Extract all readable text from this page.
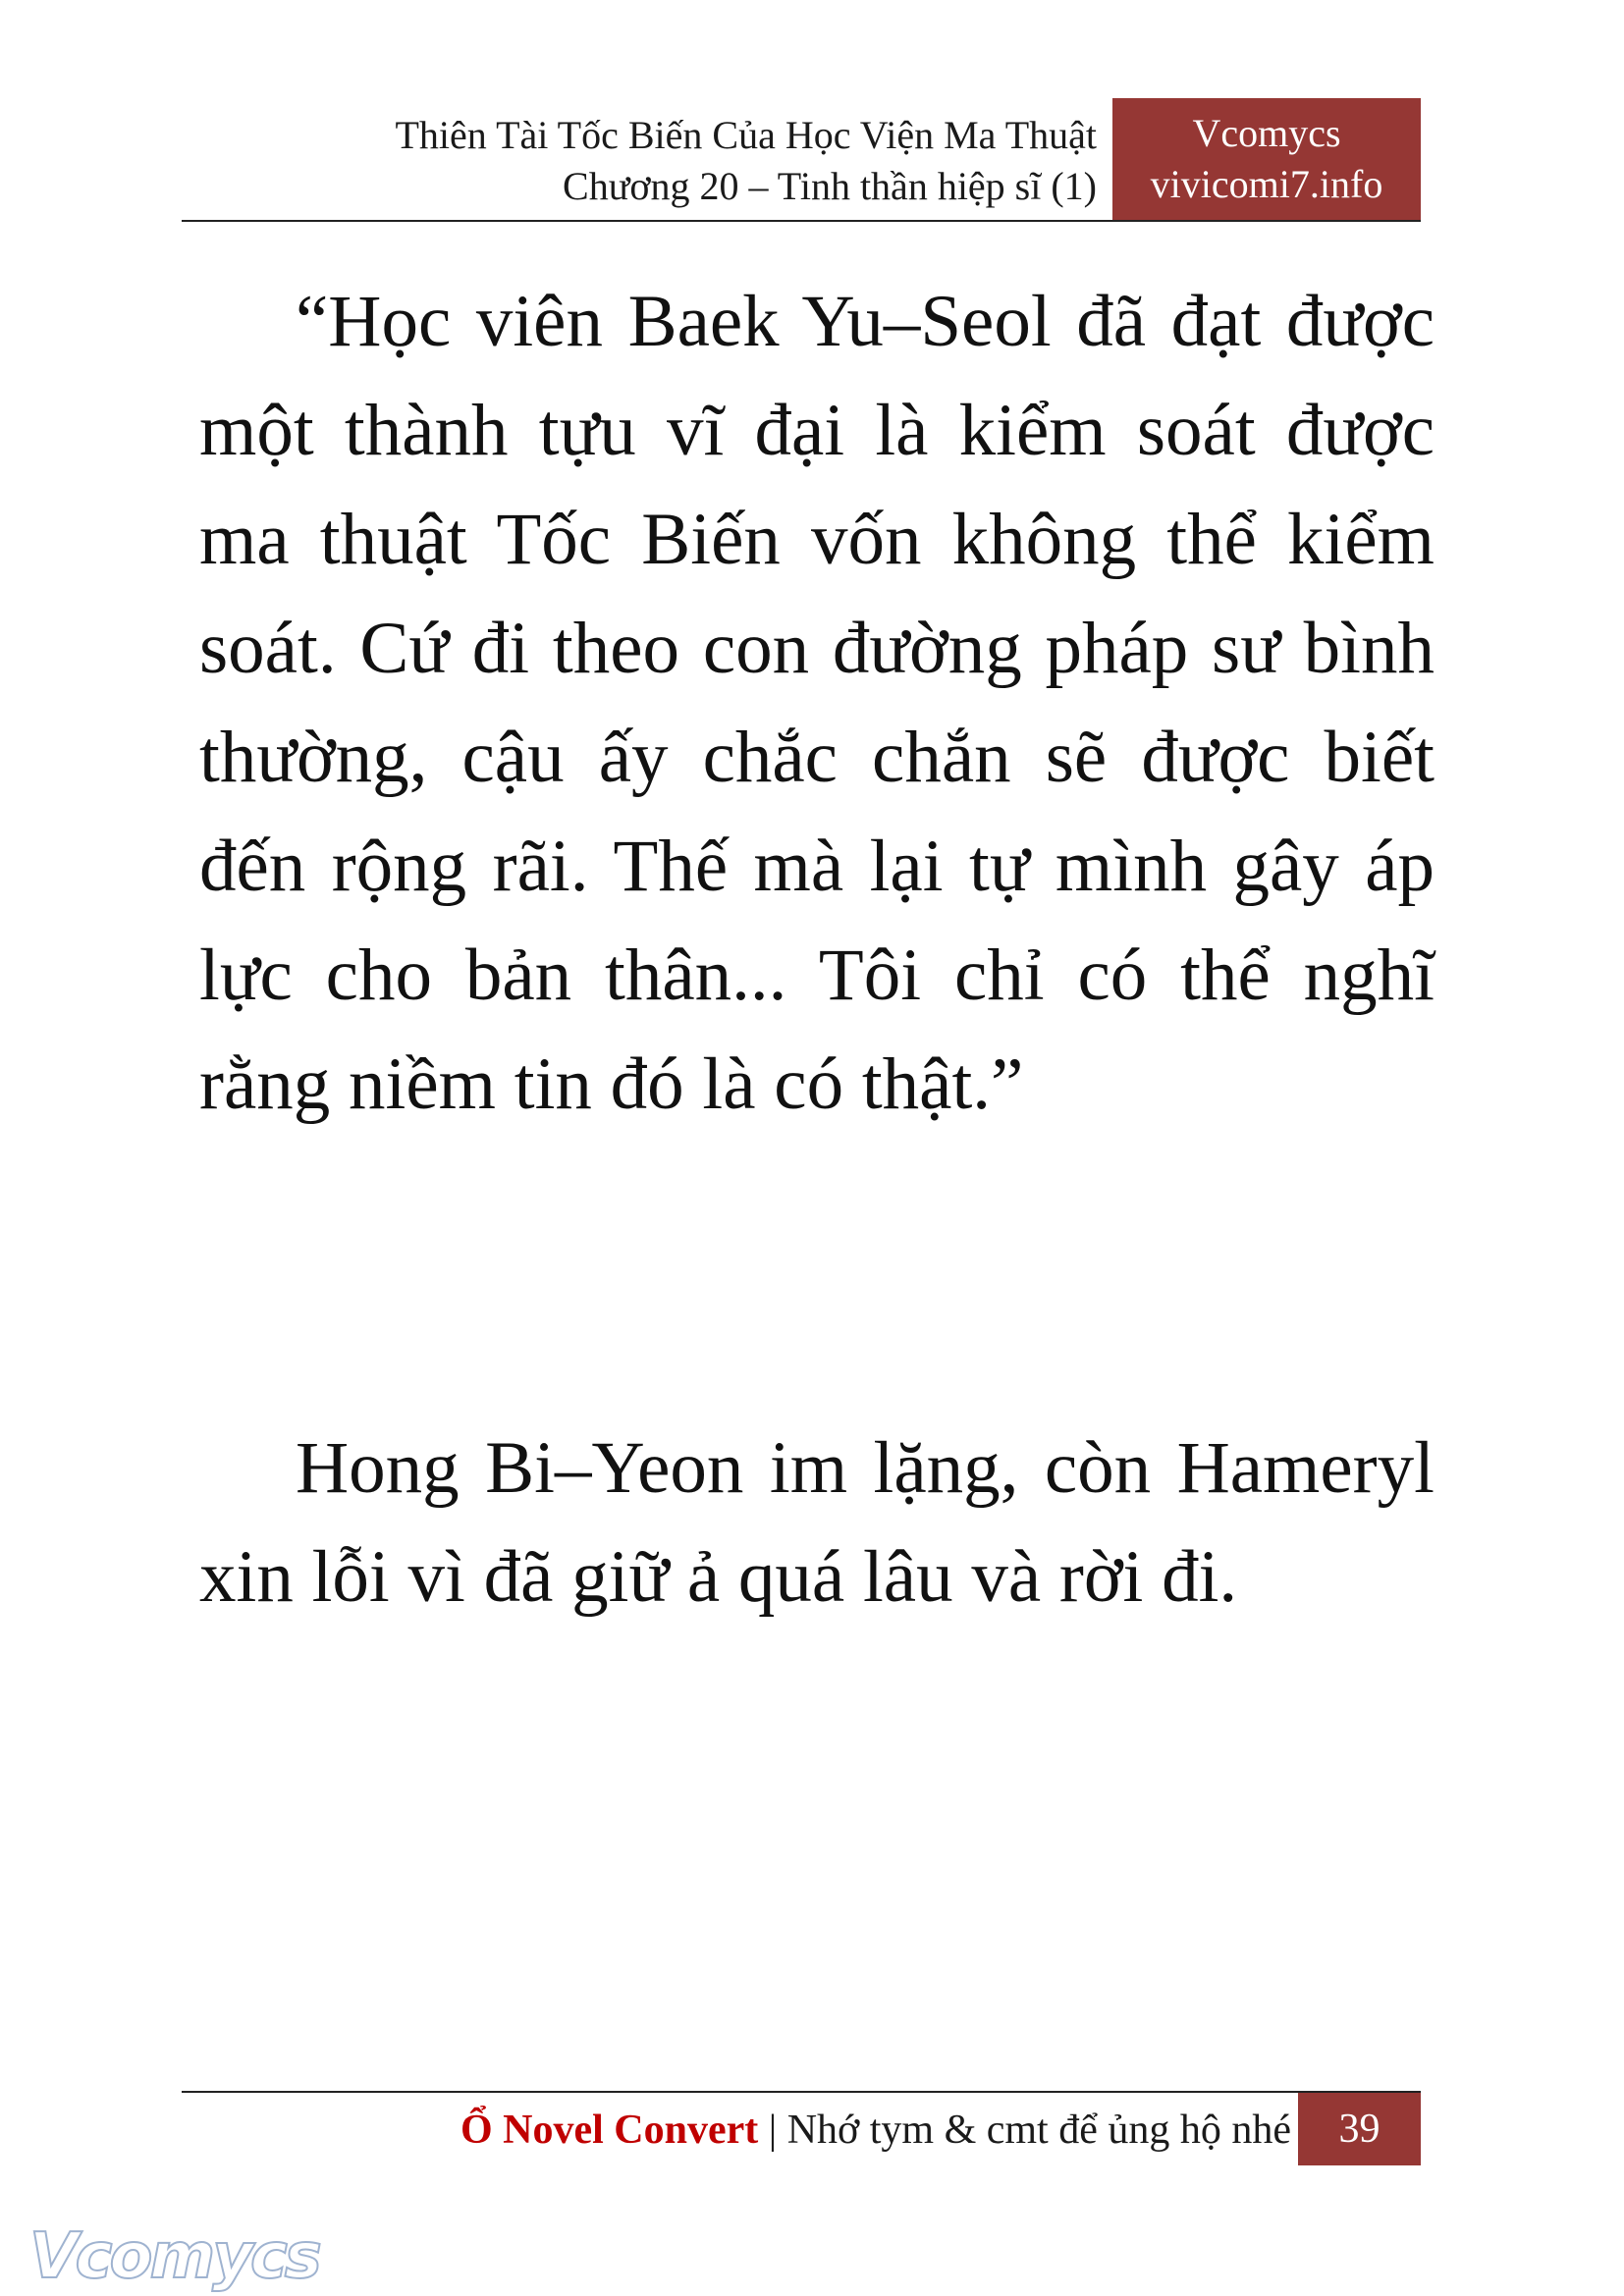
Thiên Tài Tốc Biến Của Học Viện Ma Thuật
Chương 20 – Tinh thần hiệp sĩ (1)
Vcomycs
vivicomi7.info

“Học viên Baek Yu–Seol đã đạt được một thành tựu vĩ đại là kiểm soát được ma thuật Tốc Biến vốn không thể kiểm soát. Cứ đi theo con đường pháp sư bình thường, cậu ấy chắc chắn sẽ được biết đến rộng rãi. Thế mà lại tự mình gây áp lực cho bản thân... Tôi chỉ có thể nghĩ rằng niềm tin đó là có thật.”

Hong Bi–Yeon im lặng, còn Hameryl xin lỗi vì đã giữ ả quá lâu và rời đi.

Ổ Novel Convert | Nhớ tym & cmt để ủng hộ nhé	39
Vcomycs
